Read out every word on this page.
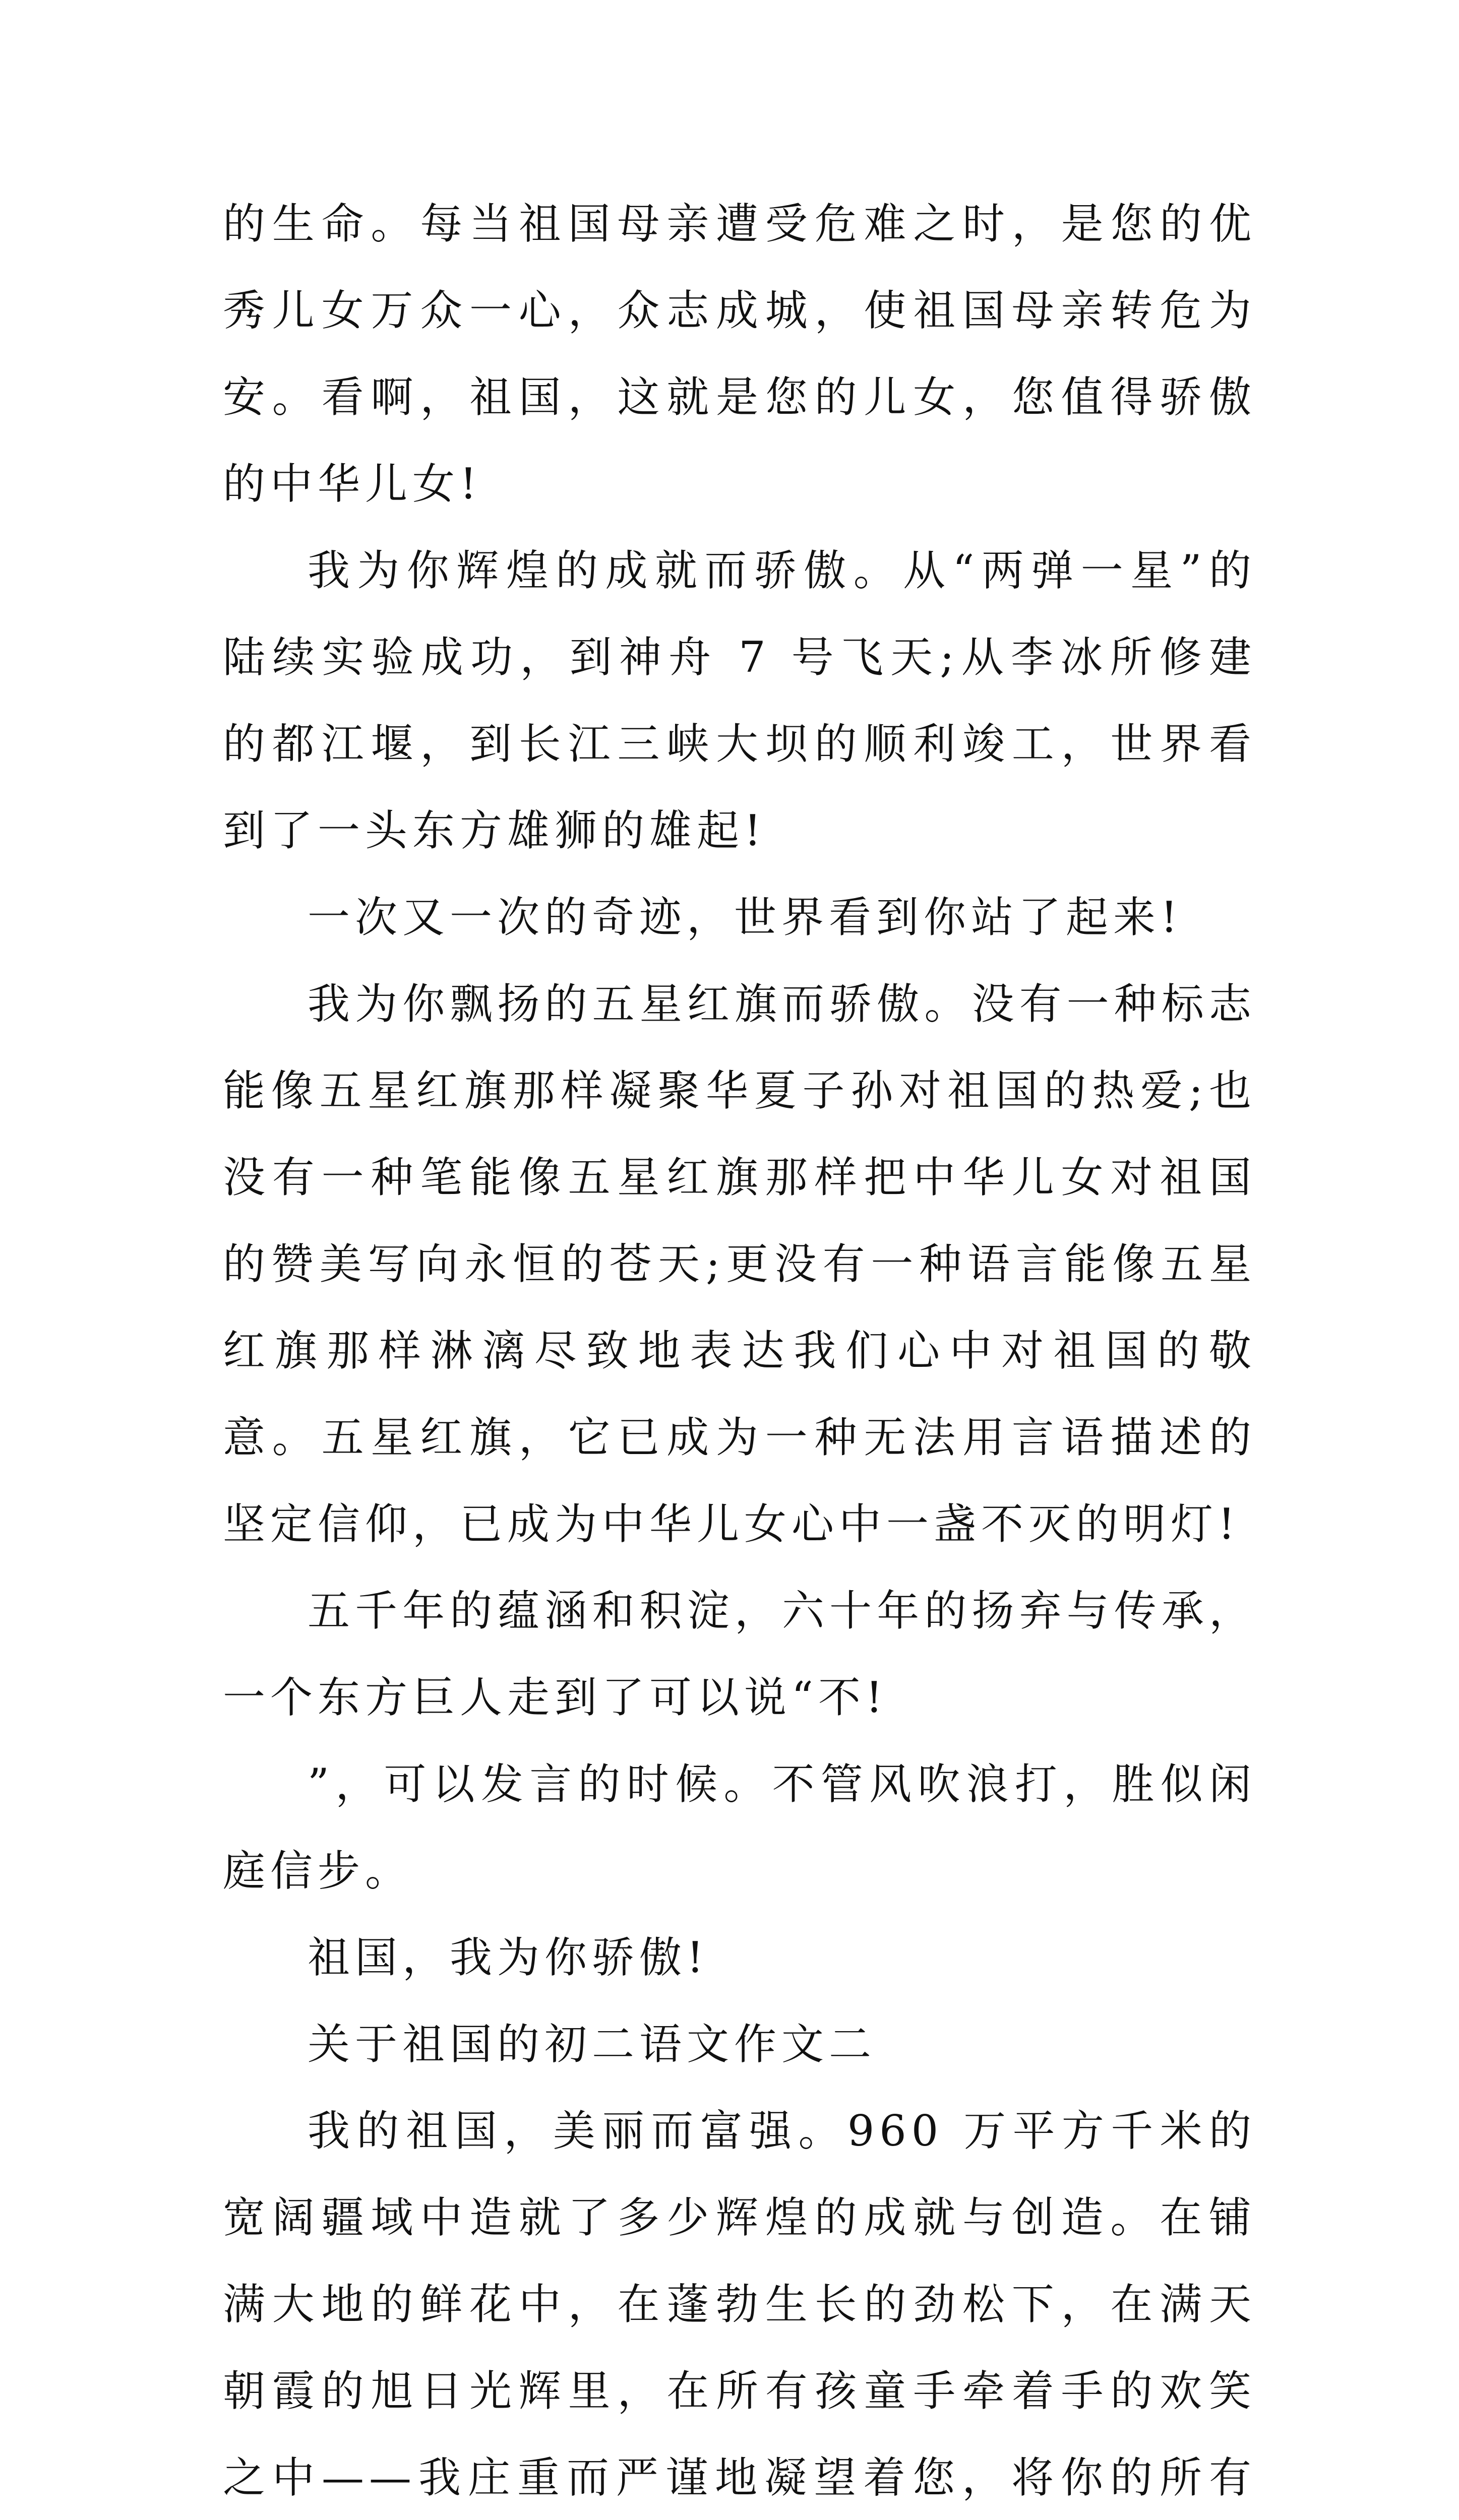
的生命。每当祖国母亲遭受危难之时，是您的优秀儿女万众一心，众志成城，使祖国母亲转危为安。看啊，祖国，这就是您的儿女，您值得骄傲的中华儿女!

我为你辉煌的成就而骄傲。从“两弹一星”的陆续实验成功，到神舟 7 号飞天;从李冰所修建的都江堰，到长江三峡大坝的顺利竣工，世界看到了一头东方雄狮的雄起!

一次又一次的奇迹，世界看到你站了起来!

我为你飘扬的五星红旗而骄傲。没有一种标志能像五星红旗那样凝聚华夏子孙对祖国的热爱;也没有一种笔能像五星红旗那样把中华儿女对祖国的赞美写向永恒的苍天;更没有一种语言能像五星红旗那样淋漓尽致地表达我们心中对祖国的敬意。五星红旗，它已成为一种无法用言语描述的坚定信仰，已成为中华儿女心中一盏不灭的明灯!

五千年的蕴涵和积淀，六十年的扬弃与传承，一个东方巨人走到了可以说“不!

”，可以发言的时候。不管风吹浪打，胜似闲庭信步。

祖国，我为你骄傲!

关于祖国的初二语文作文二

我的祖国，美丽而富强。960 万平方千米的宽阔疆域中造就了多少辉煌的成就与创造。在铺满大地的鲜花中，在蓬勃生长的劲松下，在满天朝霞的旭日光辉里，在所有孩童手牵着手的欢笑之中——我庄重而严谨地凝望着您，将你的所有
